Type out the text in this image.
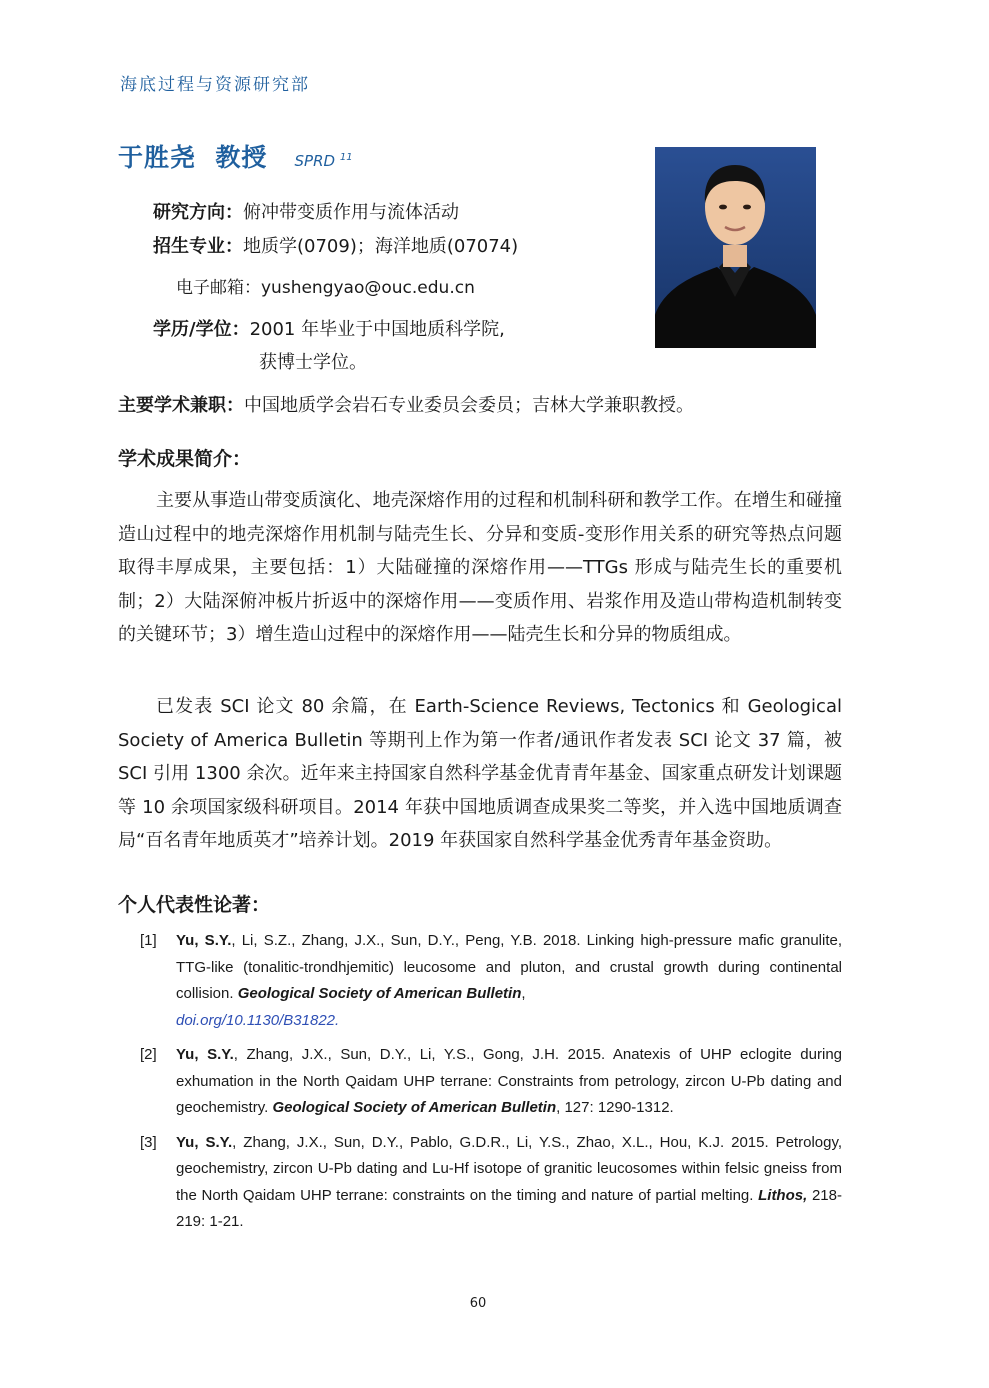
海底过程与资源研究部
于胜尧  教授 SPRD $^{11}$
研究方向：俯冲带变质作用与流体活动
招生专业：地质学(0709)；海洋地质(07074)
电子邮箱：yushengyao@ouc.edu.cn
学历/学位：2001 年毕业于中国地质科学院,
获博士学位。
主要学术兼职：中国地质学会岩石专业委员会委员；吉林大学兼职教授。
学术成果简介：

主要从事造山带变质演化、地壳深熔作用的过程和机制科研和教学工作。在增生和碰撞造山过程中的地壳深熔作用机制与陆壳生长、分异和变质-变形作用关系的研究等热点问题取得丰厚成果，主要包括：1）大陆碰撞的深熔作用——TTGs 形成与陆壳生长的重要机制；2）大陆深俯冲板片折返中的深熔作用——变质作用、岩浆作用及造山带构造机制转变的关键环节；3）增生造山过程中的深熔作用——陆壳生长和分异的物质组成。

已发表 SCI 论文 80 余篇，在 Earth-Science Reviews, Tectonics 和 Geological Society of America Bulletin 等期刊上作为第一作者/通讯作者发表 SCI 论文 37 篇，被 SCI 引用 1300 余次。近年来主持国家自然科学基金优青青年基金、国家重点研发计划课题等 10 余项国家级科研项目。2014 年获中国地质调查成果奖二等奖，并入选中国地质调查局“百名青年地质英才”培养计划。2019 年获国家自然科学基金优秀青年基金资助。

个人代表性论著：
[1]	Yu, S.Y., Li, S.Z., Zhang, J.X., Sun, D.Y., Peng, Y.B. 2018. Linking high-pressure mafic granulite, TTG-like (tonalitic-trondhjemitic) leucosome and pluton, and crustal growth during continental collision. Geological Society of American Bulletin,
doi.org/10.1130/B31822.
[2]	Yu, S.Y., Zhang, J.X., Sun, D.Y., Li, Y.S., Gong, J.H. 2015. Anatexis of UHP eclogite during exhumation in the North Qaidam UHP terrane: Constraints from petrology, zircon U-Pb dating and geochemistry. Geological Society of American Bulletin, 127: 1290-1312.
[3]	Yu, S.Y., Zhang, J.X., Sun, D.Y., Pablo, G.D.R., Li, Y.S., Zhao, X.L., Hou, K.J. 2015. Petrology, geochemistry, zircon U-Pb dating and Lu-Hf isotope of granitic leucosomes within felsic gneiss from the North Qaidam UHP terrane: constraints on the timing and nature of partial melting. Lithos, 218-219: 1-21.
60
